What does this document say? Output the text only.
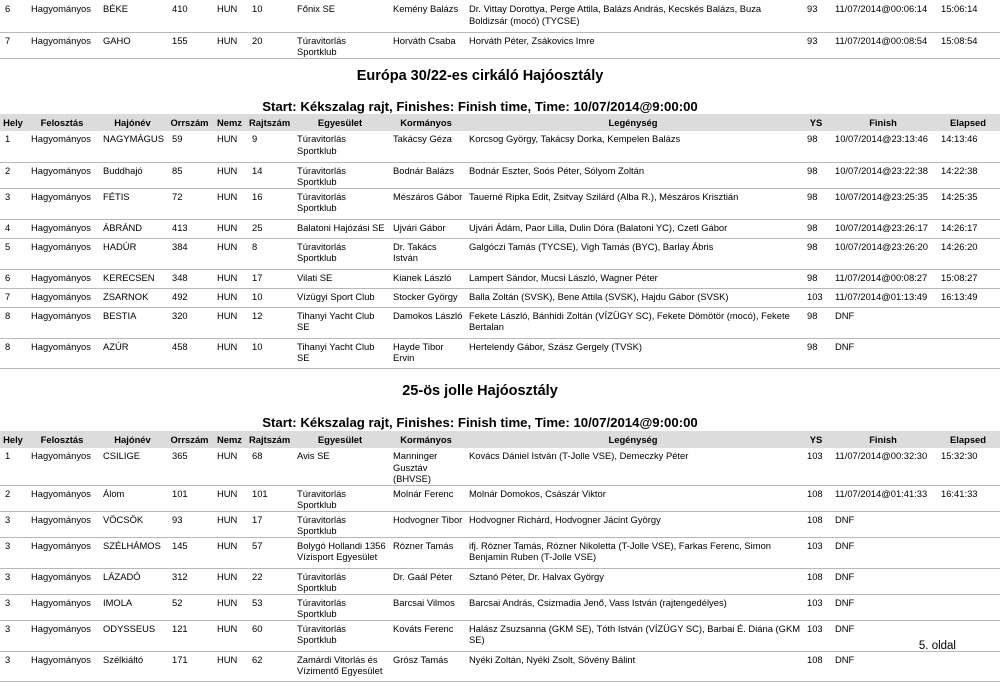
6	Hagyományos	BÉKE	410	HUN	10	Főnix SE	Kemény Balázs	Dr. Vittay Dorottya, Perge Attila, Balázs András, Kecskés Balázs, Buza Boldizsár (mocó) (TYCSE)	93	11/07/2014@00:06:14	15:06:14
7	Hagyományos	GAHO	155	HUN	20	Túravitorlás Sportklub	Horváth Csaba	Horváth Péter, Zsákovics Imre	93	11/07/2014@00:08:54	15:08:54
Európa 30/22-es cirkáló Hajóosztály
Start: Kékszalag rajt, Finishes: Finish time, Time: 10/07/2014@9:00:00
Hely	Felosztás	Hajónév	Orrszám	Nemz	Rajtszám	Egyesület	Kormányos	Legénység	YS	Finish	Elapsed
1	Hagyományos	NAGYMÁGUS	59	HUN	9	Túravitorlás Sportklub	Takácsy Géza	Korcsog György, Takácsy Dorka, Kempelen Balázs	98	10/07/2014@23:13:46	14:13:46
2	Hagyományos	Buddhajó	85	HUN	14	Túravitorlás Sportklub	Bodnár Balázs	Bodnár Eszter, Soós Péter, Sólyom Zoltán	98	10/07/2014@23:22:38	14:22:38
3	Hagyományos	FÉTIS	72	HUN	16	Túravitorlás Sportklub	Mészáros Gábor	Tauerné Ripka Edit, Zsitvay Szilárd (Alba R.), Mészáros Krisztián	98	10/07/2014@23:25:35	14:25:35
4	Hagyományos	ÁBRÁND	413	HUN	25	Balatoni Hajózási SE	Ujvári Gábor	Ujvári Ádám, Paor Lilla, Dulin Dóra (Balatoni YC), Czetl Gábor	98	10/07/2014@23:26:17	14:26:17
5	Hagyományos	HADÚR	384	HUN	8	Túravitorlás Sportklub	Dr. Takács István	Galgóczi Tamás (TYCSE), Vigh Tamás (BYC), Barlay Ábris	98	10/07/2014@23:26:20	14:26:20
6	Hagyományos	KERECSEN	348	HUN	17	Vilati SE	Kianek László	Lampert Sándor, Mucsi László, Wagner Péter	98	11/07/2014@00:08:27	15:08:27
7	Hagyományos	ZSARNOK	492	HUN	10	Vízügyi Sport Club	Stocker György	Balla Zoltán (SVSK), Bene Attila (SVSK), Hajdu Gábor (SVSK)	103	11/07/2014@01:13:49	16:13:49
8	Hagyományos	BESTIA	320	HUN	12	Tihanyi Yacht Club SE	Damokos László	Fekete László, Bánhidi Zoltán (VÍZÜGY SC), Fekete Dömötör (mocó), Fekete Bertalan	98	DNF	
8	Hagyományos	AZÚR	458	HUN	10	Tihanyi Yacht Club SE	Hayde Tibor Ervin	Hertelendy Gábor, Szász Gergely (TVSK)	98	DNF	
25-ös jolle Hajóosztály
Start: Kékszalag rajt, Finishes: Finish time, Time: 10/07/2014@9:00:00
Hely	Felosztás	Hajónév	Orrszám	Nemz	Rajtszám	Egyesület	Kormányos	Legénység	YS	Finish	Elapsed
1	Hagyományos	CSILIGE	365	HUN	68	Avis SE	Manninger Gusztáv (BHVSE)	Kovács Dániel István (T-Jolle VSE), Demeczky Péter	103	11/07/2014@00:32:30	15:32:30
2	Hagyományos	Álom	101	HUN	101	Túravitorlás Sportklub	Molnár Ferenc	Molnár Domokos, Császár Viktor	108	11/07/2014@01:41:33	16:41:33
3	Hagyományos	VÖCSÖK	93	HUN	17	Túravitorlás Sportklub	Hodvogner Tibor	Hodvogner Richárd, Hodvogner Jácint György	108	DNF	
3	Hagyományos	SZÉLHÁMOS	145	HUN	57	Bolygó Hollandi 1356 Vízisport Egyesület	Rózner Tamás	ifj. Rózner Tamás, Rózner Nikoletta (T-Jolle VSE), Farkas Ferenc, Simon Benjamin Ruben (T-Jolle VSE)	103	DNF	
3	Hagyományos	LÁZADÓ	312	HUN	22	Túravitorlás Sportklub	Dr. Gaál Péter	Sztanó Péter, Dr. Halvax György	108	DNF	
3	Hagyományos	IMOLA	52	HUN	53	Túravitorlás Sportklub	Barcsai Vilmos	Barcsai András, Csizmadia Jenő, Vass István (rajtengedélyes)	103	DNF	
3	Hagyományos	ODYSSEUS	121	HUN	60	Túravitorlás Sportklub	Kováts Ferenc	Halász Zsuzsanna (GKM SE), Tóth István (VÍZÜGY SC), Barbai É. Diána (GKM SE)	103	DNF	
3	Hagyományos	Szélkiáltó	171	HUN	62	Zamárdi Vitorlás és Vízimentő Egyesület	Grósz Tamás	Nyéki Zoltán, Nyéki Zsolt, Sövény Bálint	108	DNF	
5. oldal
